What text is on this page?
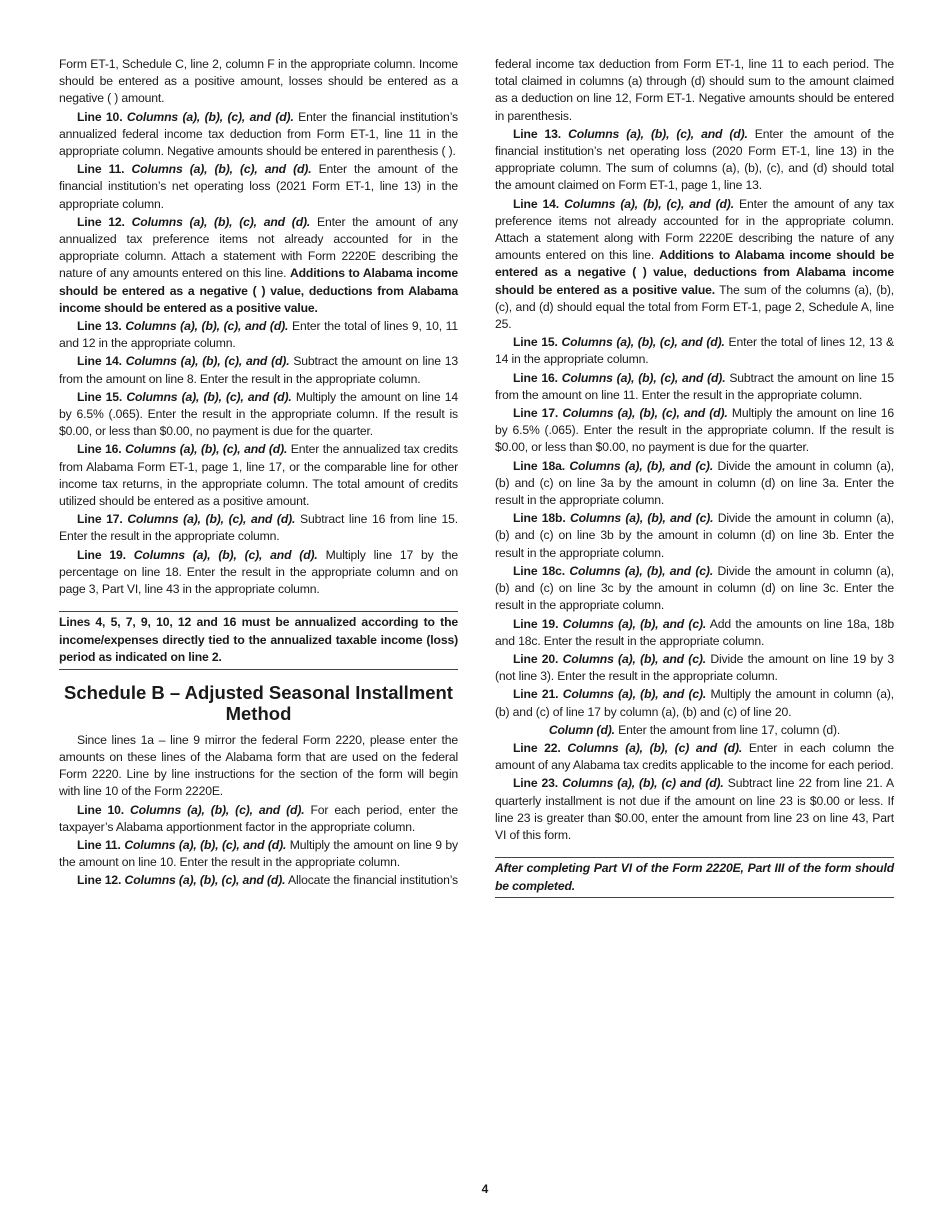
Form ET-1, Schedule C, line 2, column F in the appropriate column. Income should be entered as a positive amount, losses should be entered as a negative ( ) amount.

Line 10. Columns (a), (b), (c), and (d). Enter the financial institution’s annualized federal income tax deduction from Form ET-1, line 11 in the appropriate column. Negative amounts should be entered in parenthesis ( ).

Line 11. Columns (a), (b), (c), and (d). Enter the amount of the financial institution’s net operating loss (2021 Form ET-1, line 13) in the appropriate column.

Line 12. Columns (a), (b), (c), and (d). Enter the amount of any annualized tax preference items not already accounted for in the appropriate column. Attach a statement with Form 2220E describing the nature of any amounts entered on this line. Additions to Alabama income should be entered as a negative ( ) value, deductions from Alabama income should be entered as a positive value.

Line 13. Columns (a), (b), (c), and (d). Enter the total of lines 9, 10, 11 and 12 in the appropriate column.

Line 14. Columns (a), (b), (c), and (d). Subtract the amount on line 13 from the amount on line 8. Enter the result in the appropriate column.

Line 15. Columns (a), (b), (c), and (d). Multiply the amount on line 14 by 6.5% (.065). Enter the result in the appropriate column. If the result is $0.00, or less than $0.00, no payment is due for the quarter.

Line 16. Columns (a), (b), (c), and (d). Enter the annualized tax credits from Alabama Form ET-1, page 1, line 17, or the comparable line for other income tax returns, in the appropriate column. The total amount of credits utilized should be entered as a positive amount.

Line 17. Columns (a), (b), (c), and (d). Subtract line 16 from line 15. Enter the result in the appropriate column.

Line 19. Columns (a), (b), (c), and (d). Multiply line 17 by the percentage on line 18. Enter the result in the appropriate column and on page 3, Part VI, line 43 in the appropriate column.

Lines 4, 5, 7, 9, 10, 12 and 16 must be annualized according to the income/expenses directly tied to the annualized taxable income (loss) period as indicated on line 2.
Schedule B – Adjusted Seasonal Installment Method

Since lines 1a – line 9 mirror the federal Form 2220, please enter the amounts on these lines of the Alabama form that are used on the federal Form 2220. Line by line instructions for the section of the form will begin with line 10 of the Form 2220E.

Line 10. Columns (a), (b), (c), and (d). For each period, enter the taxpayer’s Alabama apportionment factor in the appropriate column.

Line 11. Columns (a), (b), (c), and (d). Multiply the amount on line 9 by the amount on line 10. Enter the result in the appropriate column.

Line 12. Columns (a), (b), (c), and (d). Allocate the financial institution’s

federal income tax deduction from Form ET-1, line 11 to each period. The total claimed in columns (a) through (d) should sum to the amount claimed as a deduction on line 12, Form ET-1. Negative amounts should be entered in parenthesis.

Line 13. Columns (a), (b), (c), and (d). Enter the amount of the financial institution’s net operating loss (2020 Form ET-1, line 13) in the appropriate column. The sum of columns (a), (b), (c), and (d) should total the amount claimed on Form ET-1, page 1, line 13.

Line 14. Columns (a), (b), (c), and (d). Enter the amount of any tax preference items not already accounted for in the appropriate column. Attach a statement along with Form 2220E describing the nature of any amounts entered on this line. Additions to Alabama income should be entered as a negative ( ) value, deductions from Alabama income should be entered as a positive value. The sum of the columns (a), (b), (c), and (d) should equal the total from Form ET-1, page 2, Schedule A, line 25.

Line 15. Columns (a), (b), (c), and (d). Enter the total of lines 12, 13 & 14 in the appropriate column.

Line 16. Columns (a), (b), (c), and (d). Subtract the amount on line 15 from the amount on line 11. Enter the result in the appropriate column.

Line 17. Columns (a), (b), (c), and (d). Multiply the amount on line 16 by 6.5% (.065). Enter the result in the appropriate column. If the result is $0.00, or less than $0.00, no payment is due for the quarter.

Line 18a. Columns (a), (b), and (c). Divide the amount in column (a), (b) and (c) on line 3a by the amount in column (d) on line 3a. Enter the result in the appropriate column.

Line 18b. Columns (a), (b), and (c). Divide the amount in column (a), (b) and (c) on line 3b by the amount in column (d) on line 3b. Enter the result in the appropriate column.

Line 18c. Columns (a), (b), and (c). Divide the amount in column (a), (b) and (c) on line 3c by the amount in column (d) on line 3c. Enter the result in the appropriate column.

Line 19. Columns (a), (b), and (c). Add the amounts on line 18a, 18b and 18c. Enter the result in the appropriate column.

Line 20. Columns (a), (b), and (c). Divide the amount on line 19 by 3 (not line 3). Enter the result in the appropriate column.

Line 21. Columns (a), (b), and (c). Multiply the amount in column (a), (b) and (c) of line 17 by column (a), (b) and (c) of line 20.

Column (d). Enter the amount from line 17, column (d).

Line 22. Columns (a), (b), (c) and (d). Enter in each column the amount of any Alabama tax credits applicable to the income for each period.

Line 23. Columns (a), (b), (c) and (d). Subtract line 22 from line 21. A quarterly installment is not due if the amount on line 23 is $0.00 or less. If line 23 is greater than $0.00, enter the amount from line 23 on line 43, Part VI of this form.

After completing Part VI of the Form 2220E, Part III of the form should be completed.
4
